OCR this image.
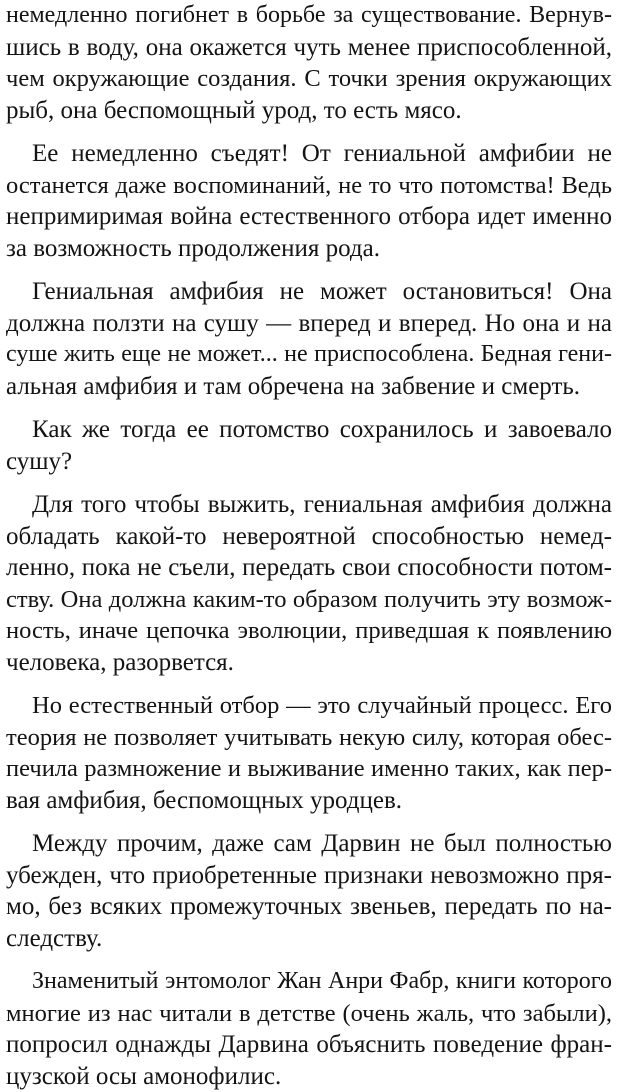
немедленно погибнет в борьбе за существование. Вернув-
шись в воду, она окажется чуть менее приспособленной,
чем окружающие создания. С точки зрения окружающих
рыб, она беспомощный урод, то есть мясо.
Ее немедленно съедят! От гениальной амфибии не
останется даже воспоминаний, не то что потомства! Ведь
непримиримая война естественного отбора идет именно
за возможность продолжения рода.
Гениальная амфибия не может остановиться! Она
должна ползти на сушу — вперед и вперед. Но она и на
суше жить еще не может... не приспособлена. Бедная гени-
альная амфибия и там обречена на забвение и смерть.
Как же тогда ее потомство сохранилось и завоевало
сушу?
Для того чтобы выжить, гениальная амфибия должна
обладать какой-то невероятной способностью немед-
ленно, пока не съели, передать свои способности потом-
ству. Она должна каким-то образом получить эту возмож-
ность, иначе цепочка эволюции, приведшая к появлению
человека, разорвется.
Но естественный отбор — это случайный процесс. Его
теория не позволяет учитывать некую силу, которая обес-
печила размножение и выживание именно таких, как пер-
вая амфибия, беспомощных уродцев.
Между прочим, даже сам Дарвин не был полностью
убежден, что приобретенные признаки невозможно пря-
мо, без всяких промежуточных звеньев, передать по на-
следству.
Знаменитый энтомолог Жан Анри Фабр, книги которого
многие из нас читали в детстве (очень жаль, что забыли),
попросил однажды Дарвина объяснить поведение фран-
цузской осы амонофилис.
